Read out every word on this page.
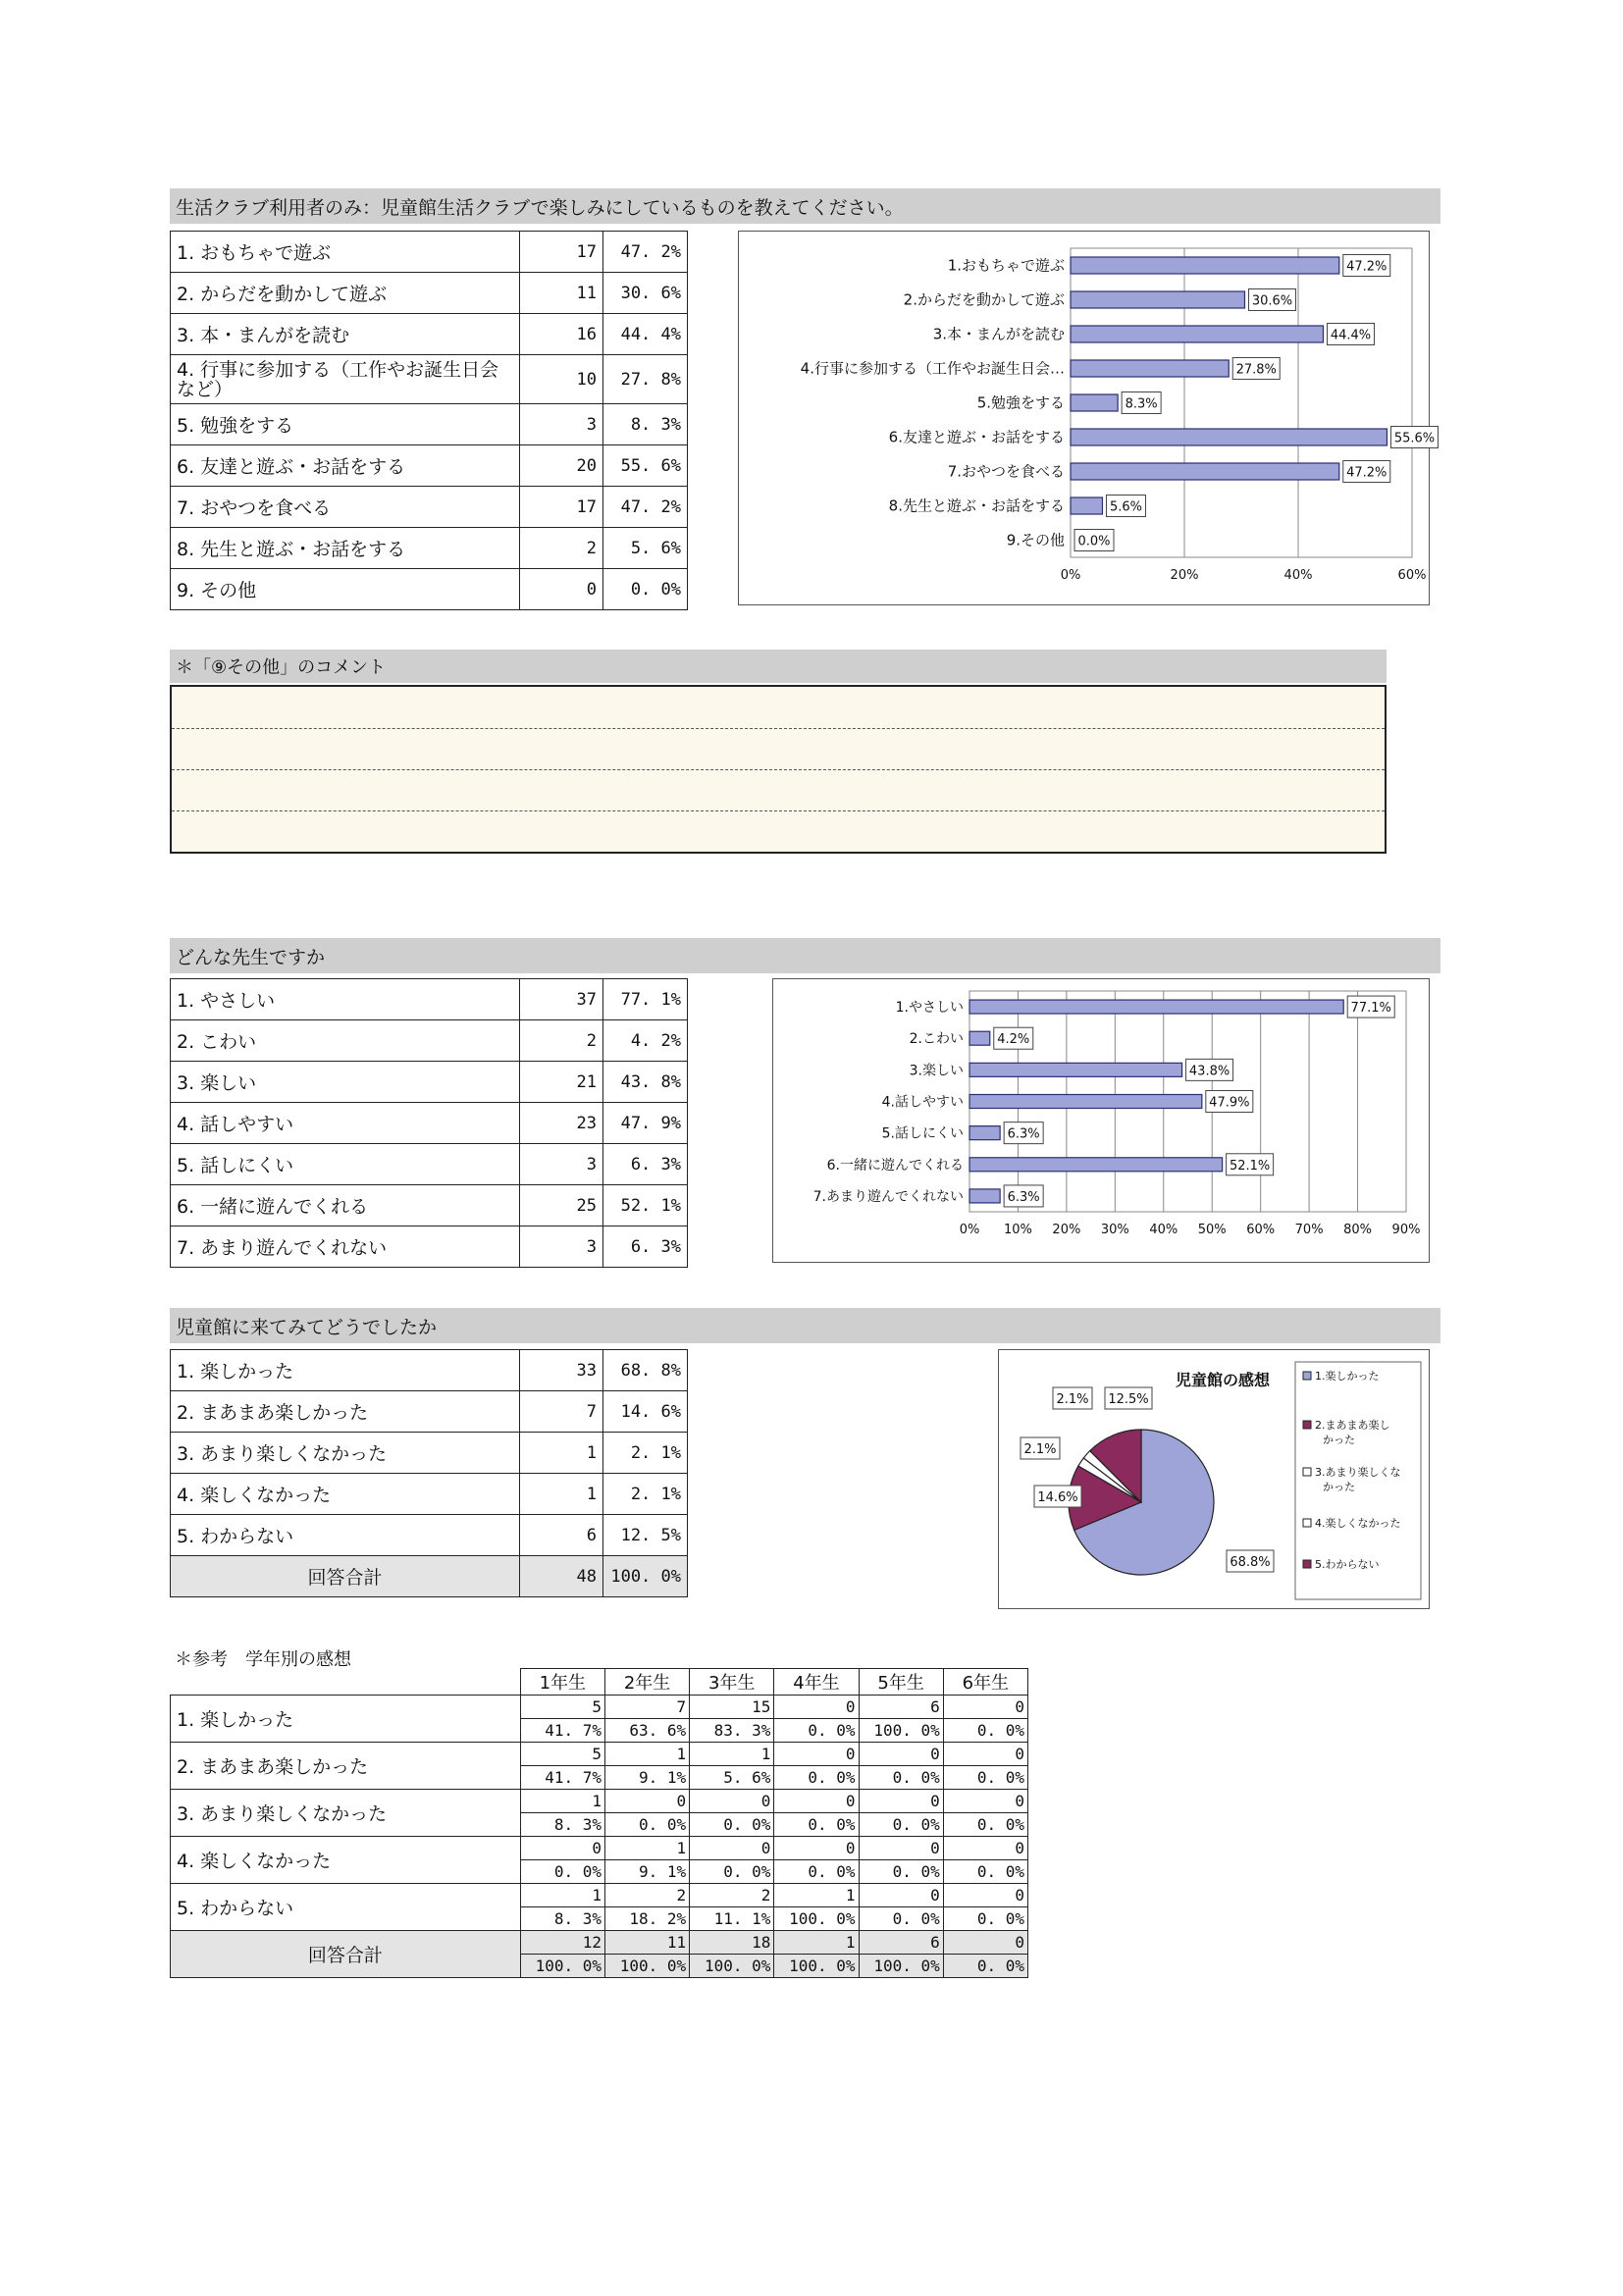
生活クラブ利用者のみ：児童館生活クラブで楽しみにしているものを教えてください。
1. おもちゃで遊ぶ	17	47. 2%
2. からだを動かして遊ぶ	11	30. 6%
3. 本・まんがを読む	16	44. 4%
4. 行事に参加する（工作やお誕生日会など）	10	27. 8%
5. 勉強をする	3	8. 3%
6. 友達と遊ぶ・お話をする	20	55. 6%
7. おやつを食べる	17	47. 2%
8. 先生と遊ぶ・お話をする	2	5. 6%
9. その他	0	0. 0%
0%	20%	40%	60%
1.おもちゃで遊ぶ	47.2%
2.からだを動かして遊ぶ	30.6%
3.本・まんがを読む	44.4%
4.行事に参加する（工作やお誕生日会…	27.8%
5.勉強をする	8.3%
6.友達と遊ぶ・お話をする	55.6%
7.おやつを食べる	47.2%
8.先生と遊ぶ・お話をする	5.6%
9.その他 0.0%
＊「⑨その他」のコメント
どんな先生ですか
1. やさしい	37	77. 1%
2. こわい	2	4. 2%
3. 楽しい	21	43. 8%
4. 話しやすい	23	47. 9%
5. 話しにくい	3	6. 3%
6. 一緒に遊んでくれる	25	52. 1%
7. あまり遊んでくれない	3	6. 3%
0% 10% 20% 30% 40% 50% 60% 70% 80% 90%
1.やさしい	77.1%
2.こわい	4.2%
3.楽しい	43.8%
4.話しやすい	47.9%
5.話しにくい	6.3%
6.一緒に遊んでくれる	52.1%
7.あまり遊んでくれない	6.3%
児童館に来てみてどうでしたか
1. 楽しかった	33	68. 8%
2. まあまあ楽しかった	7	14. 6%
3. あまり楽しくなかった	1	2. 1%
4. 楽しくなかった	1	2. 1%
5. わからない	6	12. 5%
回答合計	48	100. 0%
児童館の感想
68.8%
14.6%
2.1%
2.1% 12.5%
1.楽しかった
2.まあまあ楽しかった
3.あまり楽しくなかった
4.楽しくなかった
5.わからない
＊参考　学年別の感想
	1年生	2年生	3年生	4年生	5年生	6年生
1. 楽しかった	5	7	15	0	6	0
	41. 7%	63. 6%	83. 3%	0. 0%	100. 0%	0. 0%
2. まあまあ楽しかった	5	1	1	0	0	0
	41. 7%	9. 1%	5. 6%	0. 0%	0. 0%	0. 0%
3. あまり楽しくなかった	1	0	0	0	0	0
	8. 3%	0. 0%	0. 0%	0. 0%	0. 0%	0. 0%
4. 楽しくなかった	0	1	0	0	0	0
	0. 0%	9. 1%	0. 0%	0. 0%	0. 0%	0. 0%
5. わからない	1	2	2	1	0	0
	8. 3%	18. 2%	11. 1%	100. 0%	0. 0%	0. 0%
回答合計	12	11	18	1	6	0
	100. 0%	100. 0%	100. 0%	100. 0%	100. 0%	0. 0%
